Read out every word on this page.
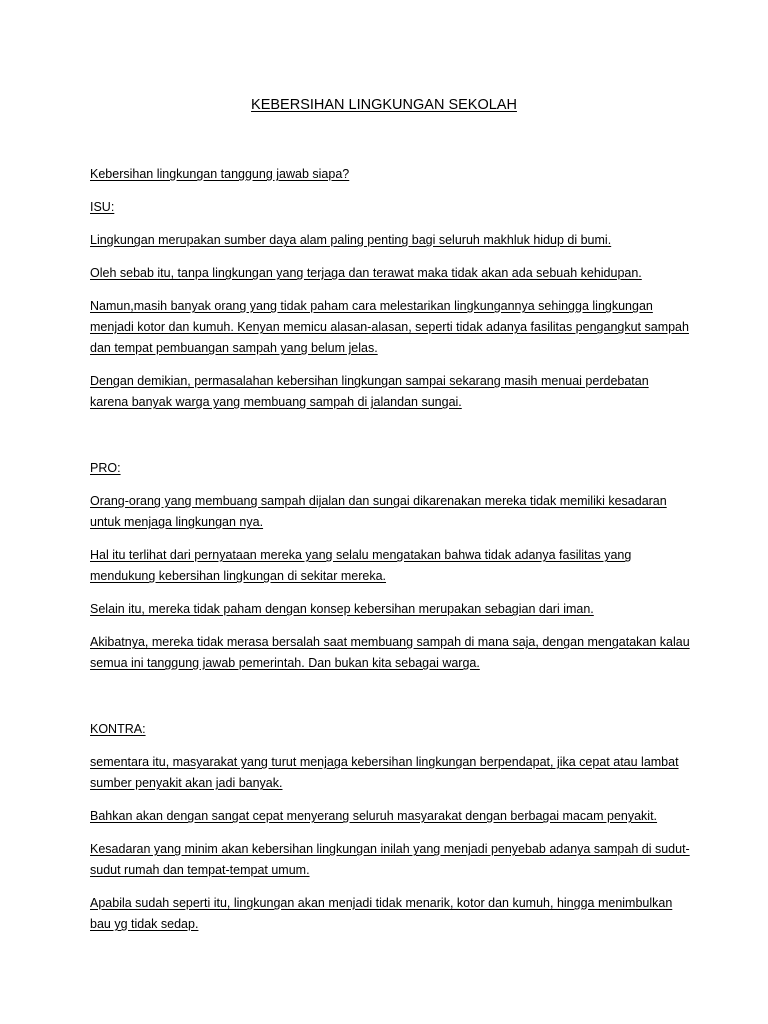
KEBERSIHAN LINGKUNGAN SEKOLAH

Kebersihan lingkungan tanggung jawab siapa?

ISU:

Lingkungan merupakan sumber daya alam paling penting bagi seluruh makhluk hidup di bumi.

Oleh sebab itu, tanpa lingkungan yang terjaga dan terawat maka tidak akan ada sebuah kehidupan.

Namun,masih banyak orang yang tidak paham cara melestarikan lingkungannya sehingga lingkungan menjadi kotor dan kumuh. Kenyan memicu alasan-alasan, seperti tidak adanya fasilitas pengangkut sampah dan tempat pembuangan sampah yang belum jelas.

Dengan demikian, permasalahan kebersihan lingkungan sampai sekarang masih menuai perdebatan karena banyak warga yang membuang sampah di jalandan sungai.

PRO:

Orang-orang yang membuang sampah dijalan dan sungai dikarenakan mereka tidak memiliki kesadaran untuk menjaga lingkungan nya.

Hal itu terlihat dari pernyataan mereka yang selalu mengatakan bahwa tidak adanya fasilitas yang mendukung kebersihan lingkungan di sekitar mereka.

Selain itu, mereka tidak paham dengan konsep kebersihan merupakan sebagian dari iman.

Akibatnya, mereka tidak merasa bersalah saat membuang sampah di mana saja, dengan mengatakan kalau semua ini tanggung jawab pemerintah. Dan bukan kita sebagai warga.

KONTRA:

sementara itu, masyarakat yang turut menjaga kebersihan lingkungan berpendapat, jika cepat atau lambat sumber penyakit akan jadi banyak.

Bahkan akan dengan sangat cepat menyerang seluruh masyarakat dengan berbagai macam penyakit.

Kesadaran yang minim akan kebersihan lingkungan inilah yang menjadi penyebab adanya sampah di sudut-sudut rumah dan tempat-tempat umum.

Apabila sudah seperti itu, lingkungan akan menjadi tidak menarik, kotor dan kumuh, hingga menimbulkan bau yg tidak sedap.
